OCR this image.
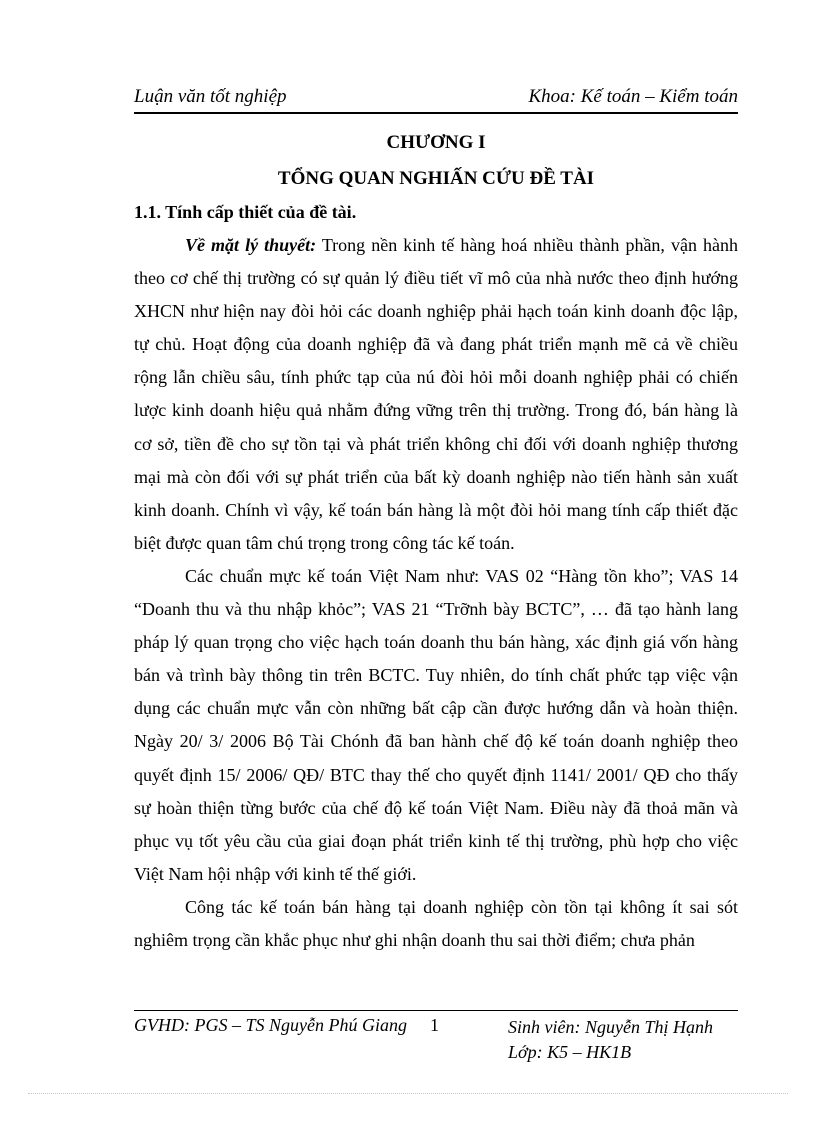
Luận văn tốt nghiệp	Khoa: Kế toán – Kiểm toán
CHƯƠNG I
TỔNG QUAN NGHIẤN CỨU ĐỀ TÀI
1.1. Tính cấp thiết của đề tài.

Về mặt lý thuyết: Trong nền kinh tế hàng hoá nhiều thành phần, vận hành theo cơ chế thị trường có sự quản lý điều tiết vĩ mô của nhà nước theo định hướng XHCN như hiện nay đòi hỏi các doanh nghiệp phải hạch toán kinh doanh độc lập, tự chủ. Hoạt động của doanh nghiệp đã và đang phát triển mạnh mẽ cả về chiều rộng lẫn chiều sâu, tính phức tạp của nú đòi hỏi mỗi doanh nghiệp phải có chiến lược kinh doanh hiệu quả nhằm đứng vững trên thị trường. Trong đó, bán hàng là cơ sở, tiền đề cho sự tồn tại và phát triển không chỉ đối với doanh nghiệp thương mại mà còn đối với sự phát triển của bất kỳ doanh nghiệp nào tiến hành sản xuất kinh doanh. Chính vì vậy, kế toán bán hàng là một đòi hỏi mang tính cấp thiết đặc biệt được quan tâm chú trọng trong công tác kế toán.

Các chuẩn mực kế toán Việt Nam như: VAS 02 “Hàng tồn kho”; VAS 14 “Doanh thu và thu nhập khỏc”; VAS 21 “Trỡnh bày BCTC”, … đã tạo hành lang pháp lý quan trọng cho việc hạch toán doanh thu bán hàng, xác định giá vốn hàng bán và trình bày thông tin trên BCTC. Tuy nhiên, do tính chất phức tạp việc vận dụng các chuẩn mực vẫn còn những bất cập cần được hướng dẫn và hoàn thiện. Ngày 20/ 3/ 2006 Bộ Tài Chónh đã ban hành chế độ kế toán doanh nghiệp theo quyết định 15/ 2006/ QĐ/ BTC thay thế cho quyết định 1141/ 2001/ QĐ cho thấy sự hoàn thiện từng bước của chế độ kế toán Việt Nam. Điều này đã thoả mãn và phục vụ tốt yêu cầu của giai đoạn phát triển kinh tế thị trường, phù hợp cho việc Việt Nam hội nhập với kinh tế thế giới.

Công tác kế toán bán hàng tại doanh nghiệp còn tồn tại không ít sai sót nghiêm trọng cần khắc phục như ghi nhận doanh thu sai thời điểm; chưa phản

GVHD: PGS – TS Nguyễn Phú Giang 1	Sinh viên: Nguyễn Thị Hạnh
Lớp: K5 – HK1B
